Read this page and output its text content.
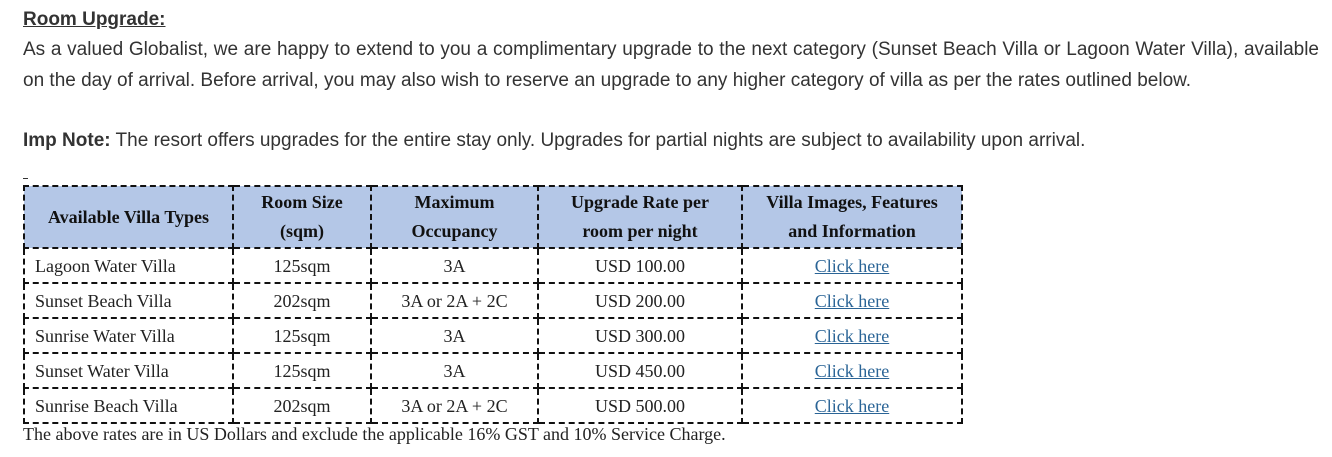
Room Upgrade:
As a valued Globalist, we are happy to extend to you a complimentary upgrade to the next category (Sunset Beach Villa or Lagoon Water Villa), available on the day of arrival. Before arrival, you may also wish to reserve an upgrade to any higher category of villa as per the rates outlined below.
Imp Note: The resort offers upgrades for the entire stay only. Upgrades for partial nights are subject to availability upon arrival.
Available Villa Types	Room Size (sqm)	Maximum Occupancy	Upgrade Rate per room per night	Villa Images, Features and Information
Lagoon Water Villa	125sqm	3A	USD 100.00	Click here
Sunset Beach Villa	202sqm	3A or 2A + 2C	USD 200.00	Click here
Sunrise Water Villa	125sqm	3A	USD 300.00	Click here
Sunset Water Villa	125sqm	3A	USD 450.00	Click here
Sunrise Beach Villa	202sqm	3A or 2A + 2C	USD 500.00	Click here
The above rates are in US Dollars and exclude the applicable 16% GST and 10% Service Charge.
